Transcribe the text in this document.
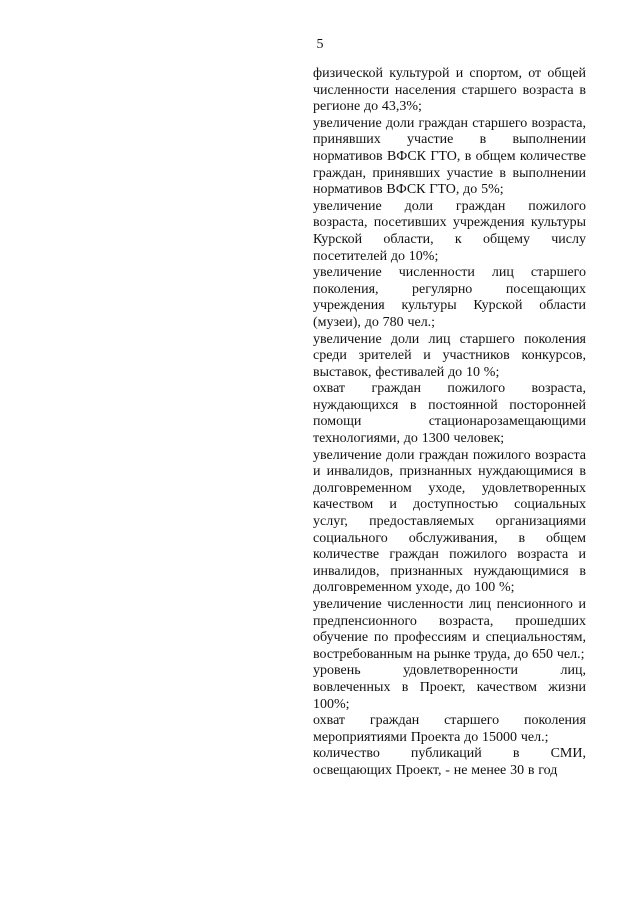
5

физической культурой и спортом, от общей численности населения старшего возраста в регионе до 43,3%;

увеличение доли граждан старшего возраста, принявших участие в выполнении нормативов ВФСК ГТО, в общем количестве граждан, принявших участие в выполнении нормативов ВФСК ГТО, до 5%;

увеличение доли граждан пожилого возраста, посетивших учреждения культуры Курской области, к общему числу посетителей до 10%;

увеличение численности лиц старшего поколения, регулярно посещающих учреждения культуры Курской области (музеи), до 780 чел.;

увеличение доли лиц старшего поколения среди зрителей и участников конкурсов, выставок, фестивалей до 10 %;

охват граждан пожилого возраста, нуждающихся в постоянной посторонней помощи стационарозамещающими технологиями, до 1300 человек;

увеличение доли граждан пожилого возраста и инвалидов, признанных нуждающимися в долговременном уходе, удовлетворенных качеством и доступностью социальных услуг, предоставляемых организациями социального обслуживания, в общем количестве граждан пожилого возраста и инвалидов, признанных нуждающимися в долговременном уходе, до 100 %;

увеличение численности лиц пенсионного и предпенсионного возраста, прошедших обучение по профессиям и специальностям, востребованным на рынке труда, до 650 чел.;

уровень удовлетворенности лиц, вовлеченных в Проект, качеством жизни 100%;

охват граждан старшего поколения мероприятиями Проекта до 15000 чел.;

количество публикаций в СМИ, освещающих Проект, - не менее 30 в год
